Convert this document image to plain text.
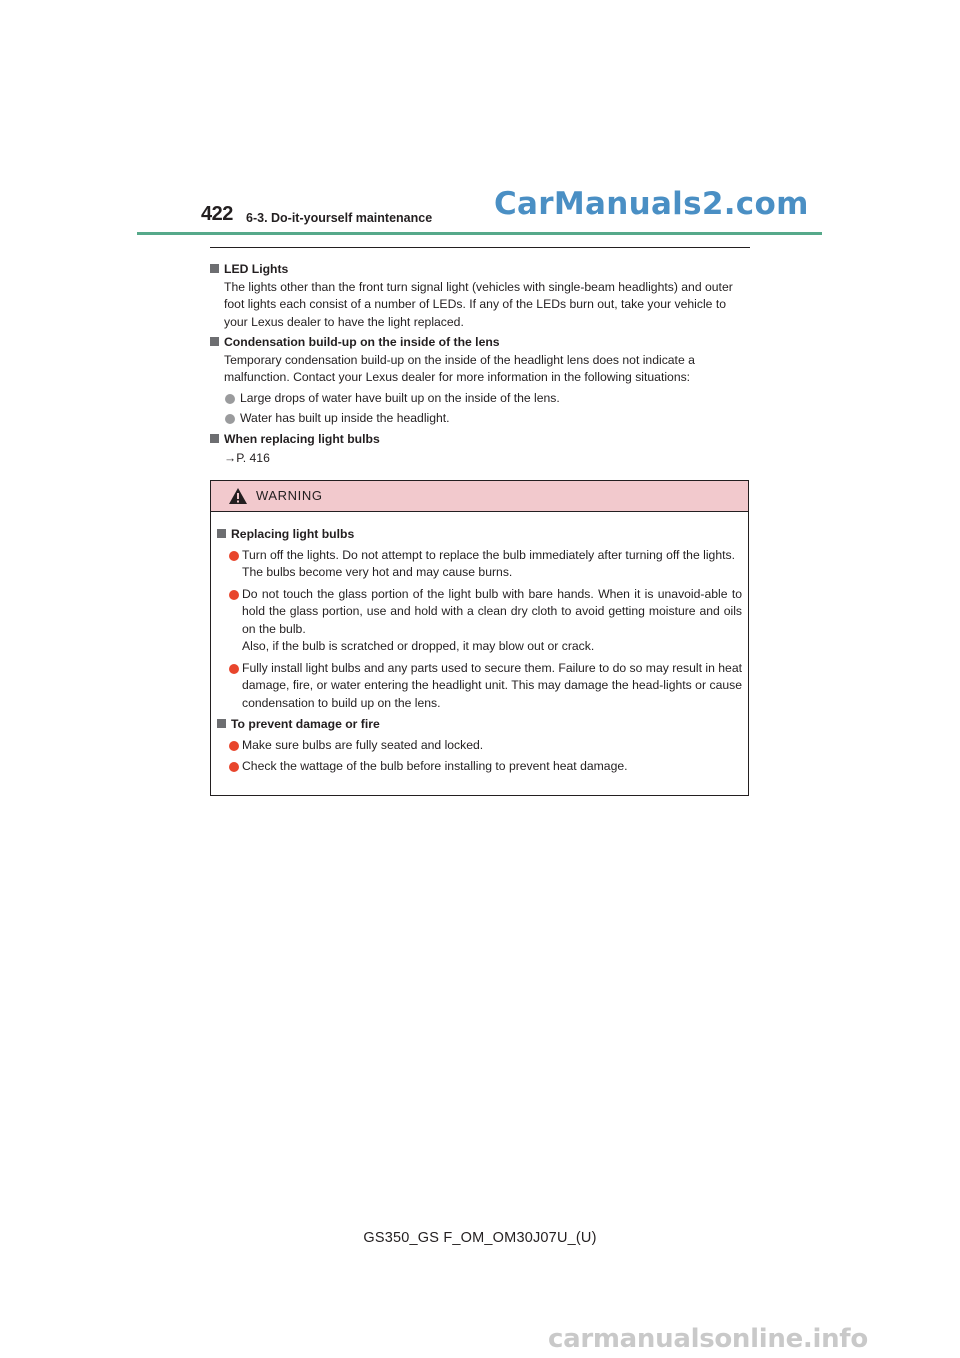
422 6-3. Do-it-yourself maintenance CarManuals2.com
LED Lights
The lights other than the front turn signal light (vehicles with single-beam headlights) and outer foot lights each consist of a number of LEDs. If any of the LEDs burn out, take your vehicle to your Lexus dealer to have the light replaced.
Condensation build-up on the inside of the lens
Temporary condensation build-up on the inside of the headlight lens does not indicate a malfunction. Contact your Lexus dealer for more information in the following situations:
Large drops of water have built up on the inside of the lens.
Water has built up inside the headlight.
When replacing light bulbs
→P. 416
WARNING
Replacing light bulbs
Turn off the lights. Do not attempt to replace the bulb immediately after turning off the lights.
The bulbs become very hot and may cause burns.
Do not touch the glass portion of the light bulb with bare hands. When it is unavoid-able to hold the glass portion, use and hold with a clean dry cloth to avoid getting moisture and oils on the bulb.
Also, if the bulb is scratched or dropped, it may blow out or crack.
Fully install light bulbs and any parts used to secure them. Failure to do so may result in heat damage, fire, or water entering the headlight unit. This may damage the head-lights or cause condensation to build up on the lens.
To prevent damage or fire
Make sure bulbs are fully seated and locked.
Check the wattage of the bulb before installing to prevent heat damage.
GS350_GS F_OM_OM30J07U_(U)
carmanualsonline.info
